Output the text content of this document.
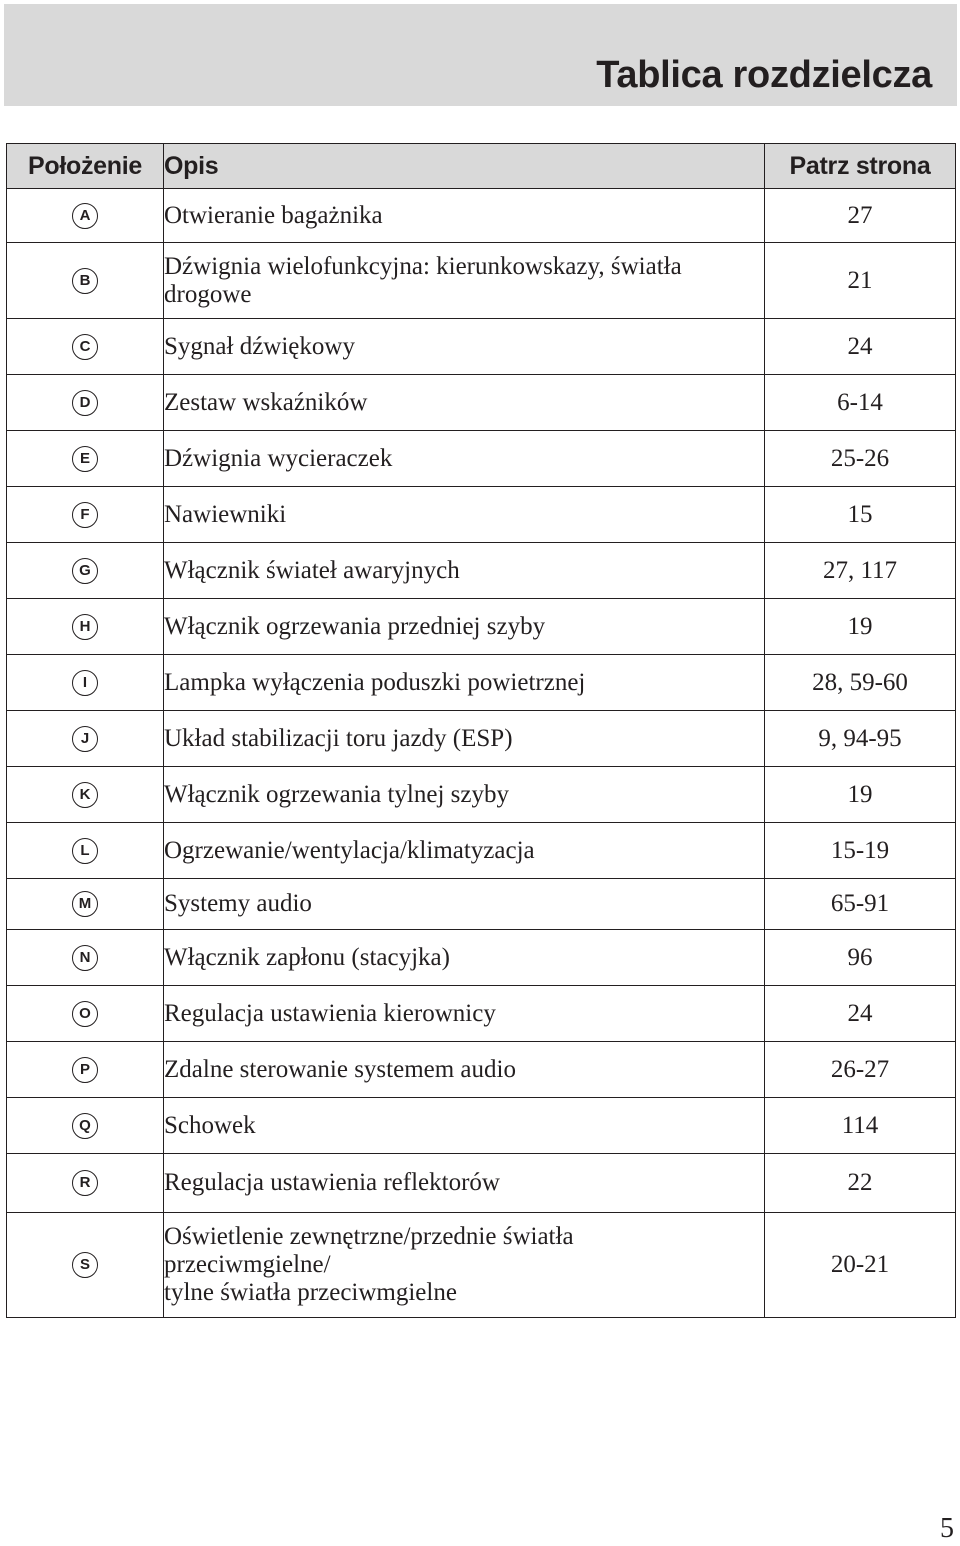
Tablica rozdzielcza
Położenie	Opis	Patrz strona
A	Otwieranie bagażnika	27
B	Dźwignia wielofunkcyjna: kierunkowskazy, światła
drogowe	21
C	Sygnał dźwiękowy	24
D	Zestaw wskaźników	6-14
E	Dźwignia wycieraczek	25-26
F	Nawiewniki	15
G	Włącznik świateł awaryjnych	27, 117
H	Włącznik ogrzewania przedniej szyby	19
I	Lampka wyłączenia poduszki powietrznej	28, 59-60
J	Układ stabilizacji toru jazdy (ESP)	9, 94-95
K	Włącznik ogrzewania tylnej szyby	19
L	Ogrzewanie/wentylacja/klimatyzacja	15-19
M	Systemy audio	65-91
N	Włącznik zapłonu (stacyjka)	96
O	Regulacja ustawienia kierownicy	24
P	Zdalne sterowanie systemem audio	26-27
Q	Schowek	114
R	Regulacja ustawienia reflektorów	22
S	Oświetlenie zewnętrzne/przednie światła
przeciwmgielne/
tylne światła przeciwmgielne	20-21

5
